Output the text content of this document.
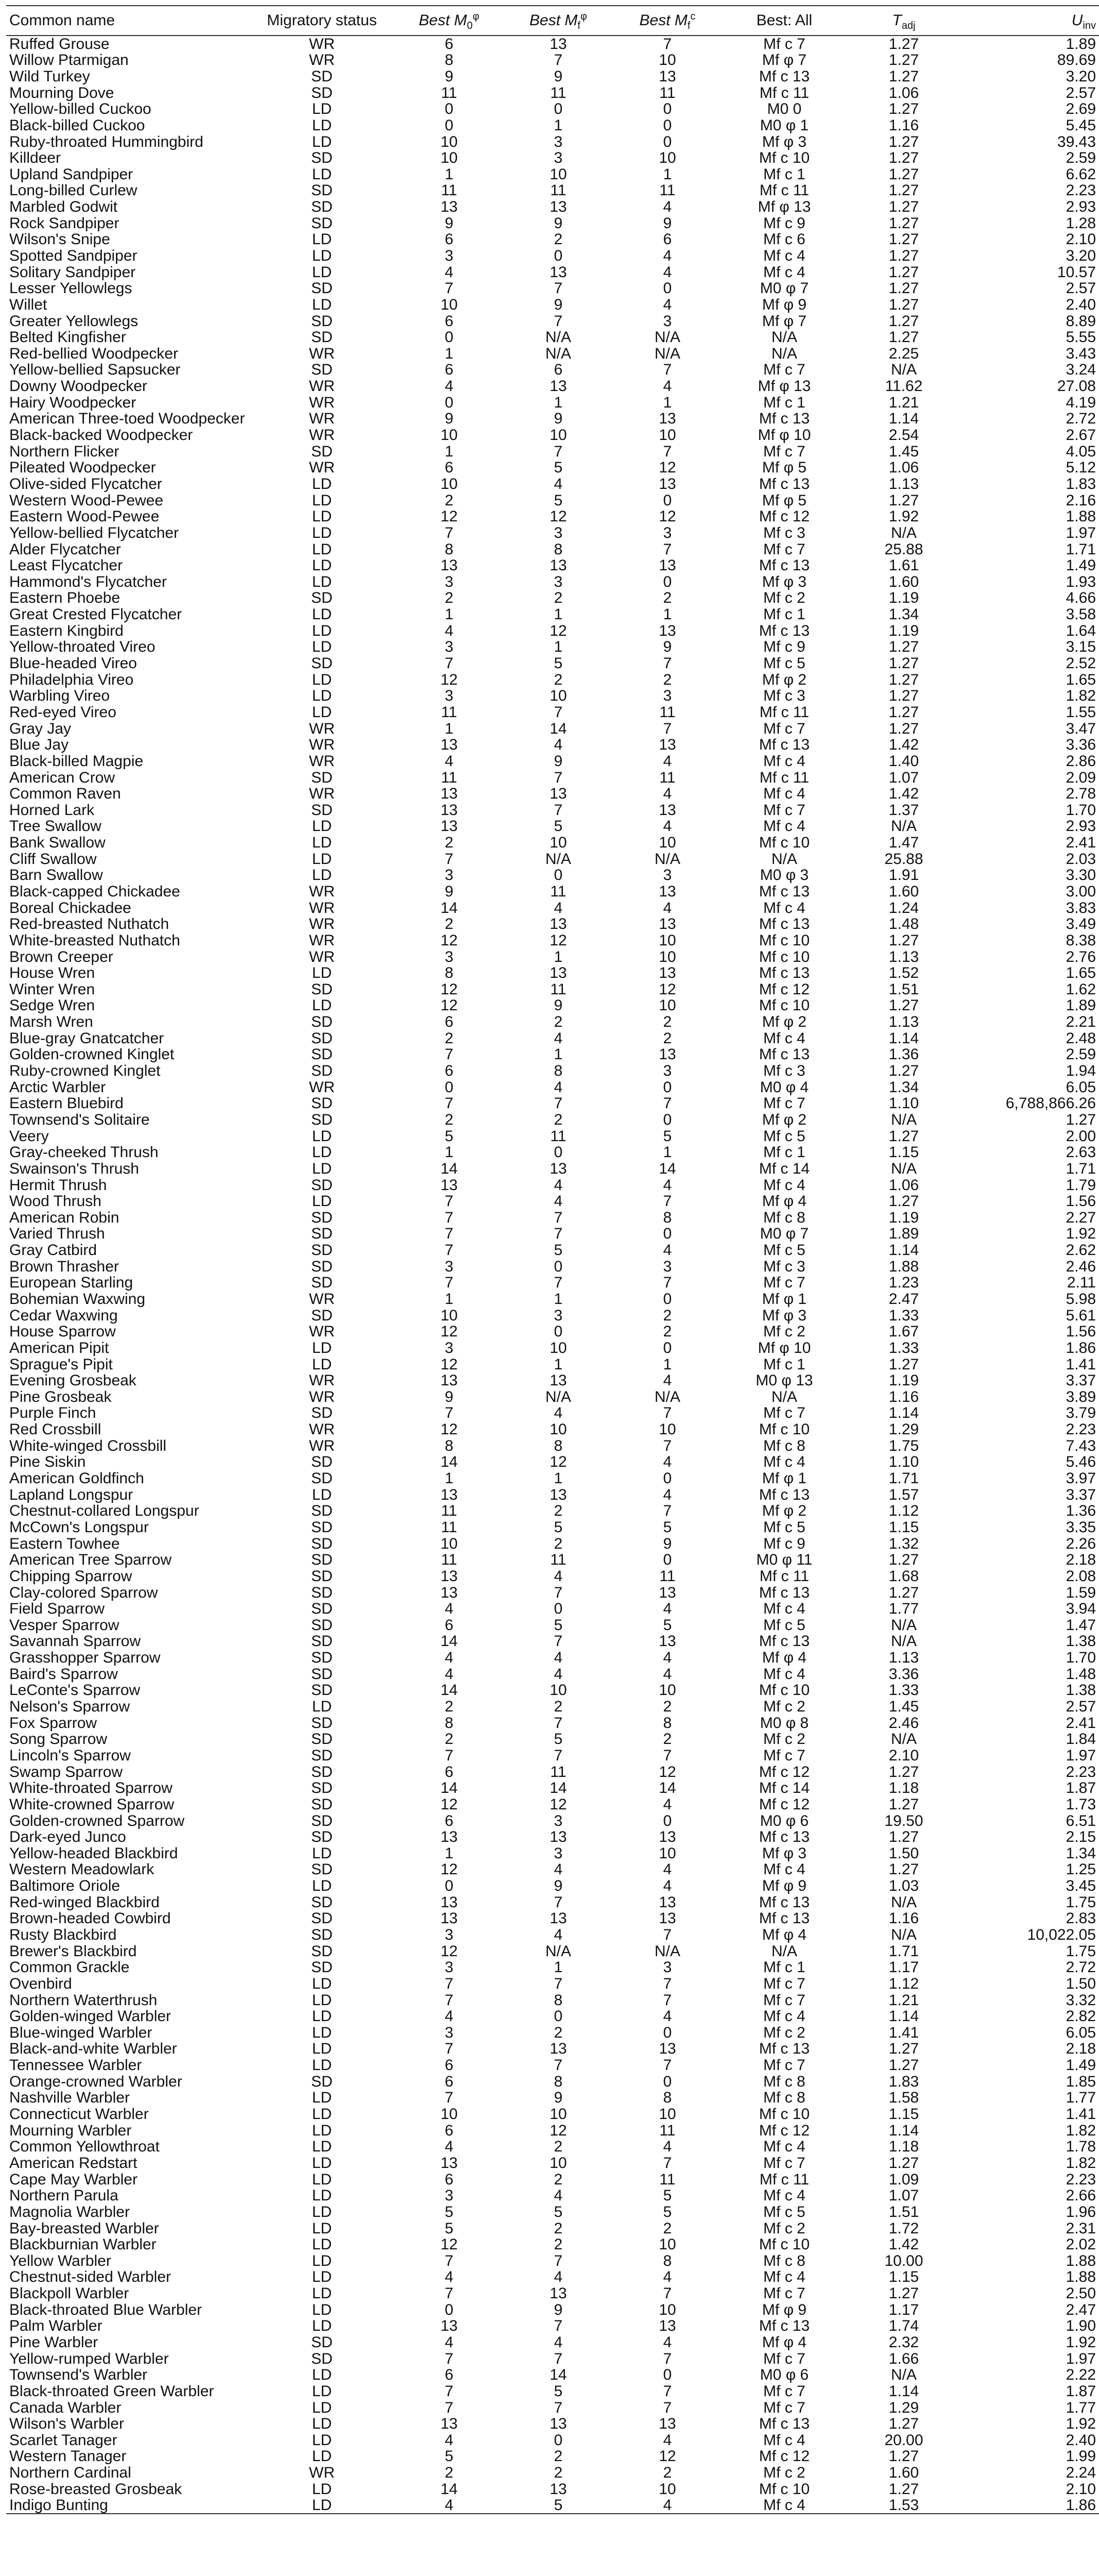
Common name	Migratory status	Best $M_0^\varphi$	Best $M_f^\varphi$	Best $M_f^c$	Best: All	$T_{adj}$	$U_{inv}$
Ruffed Grouse	WR	6	13	7	Mf c 7	1.27	1.89
Willow Ptarmigan	WR	8	7	10	Mf φ 7	1.27	89.69
Wild Turkey	SD	9	9	13	Mf c 13	1.27	3.20
Mourning Dove	SD	11	11	11	Mf c 11	1.06	2.57
Yellow-billed Cuckoo	LD	0	0	0	M0 0	1.27	2.69
Black-billed Cuckoo	LD	0	1	0	M0 φ 1	1.16	5.45
Ruby-throated Hummingbird	LD	10	3	0	Mf φ 3	1.27	39.43
Killdeer	SD	10	3	10	Mf c 10	1.27	2.59
Upland Sandpiper	LD	1	10	1	Mf c 1	1.27	6.62
Long-billed Curlew	SD	11	11	11	Mf c 11	1.27	2.23
Marbled Godwit	SD	13	13	4	Mf φ 13	1.27	2.93
Rock Sandpiper	SD	9	9	9	Mf c 9	1.27	1.28
Wilson's Snipe	LD	6	2	6	Mf c 6	1.27	2.10
Spotted Sandpiper	LD	3	0	4	Mf c 4	1.27	3.20
Solitary Sandpiper	LD	4	13	4	Mf c 4	1.27	10.57
Lesser Yellowlegs	SD	7	7	0	M0 φ 7	1.27	2.57
Willet	LD	10	9	4	Mf φ 9	1.27	2.40
Greater Yellowlegs	SD	6	7	3	Mf φ 7	1.27	8.89
Belted Kingfisher	SD	0	N/A	N/A	N/A	1.27	5.55
Red-bellied Woodpecker	WR	1	N/A	N/A	N/A	2.25	3.43
Yellow-bellied Sapsucker	SD	6	6	7	Mf c 7	N/A	3.24
Downy Woodpecker	WR	4	13	4	Mf φ 13	11.62	27.08
Hairy Woodpecker	WR	0	1	1	Mf c 1	1.21	4.19
American Three-toed Woodpecker	WR	9	9	13	Mf c 13	1.14	2.72
Black-backed Woodpecker	WR	10	10	10	Mf φ 10	2.54	2.67
Northern Flicker	SD	1	7	7	Mf c 7	1.45	4.05
Pileated Woodpecker	WR	6	5	12	Mf φ 5	1.06	5.12
Olive-sided Flycatcher	LD	10	4	13	Mf c 13	1.13	1.83
Western Wood-Pewee	LD	2	5	0	Mf φ 5	1.27	2.16
Eastern Wood-Pewee	LD	12	12	12	Mf c 12	1.92	1.88
Yellow-bellied Flycatcher	LD	7	3	3	Mf c 3	N/A	1.97
Alder Flycatcher	LD	8	8	7	Mf c 7	25.88	1.71
Least Flycatcher	LD	13	13	13	Mf c 13	1.61	1.49
Hammond's Flycatcher	LD	3	3	0	Mf φ 3	1.60	1.93
Eastern Phoebe	SD	2	2	2	Mf c 2	1.19	4.66
Great Crested Flycatcher	LD	1	1	1	Mf c 1	1.34	3.58
Eastern Kingbird	LD	4	12	13	Mf c 13	1.19	1.64
Yellow-throated Vireo	LD	3	1	9	Mf c 9	1.27	3.15
Blue-headed Vireo	SD	7	5	7	Mf c 5	1.27	2.52
Philadelphia Vireo	LD	12	2	2	Mf φ 2	1.27	1.65
Warbling Vireo	LD	3	10	3	Mf c 3	1.27	1.82
Red-eyed Vireo	LD	11	7	11	Mf c 11	1.27	1.55
Gray Jay	WR	1	14	7	Mf c 7	1.27	3.47
Blue Jay	WR	13	4	13	Mf c 13	1.42	3.36
Black-billed Magpie	WR	4	9	4	Mf c 4	1.40	2.86
American Crow	SD	11	7	11	Mf c 11	1.07	2.09
Common Raven	WR	13	13	4	Mf c 4	1.42	2.78
Horned Lark	SD	13	7	13	Mf c 7	1.37	1.70
Tree Swallow	LD	13	5	4	Mf c 4	N/A	2.93
Bank Swallow	LD	2	10	10	Mf c 10	1.47	2.41
Cliff Swallow	LD	7	N/A	N/A	N/A	25.88	2.03
Barn Swallow	LD	3	0	3	M0 φ 3	1.91	3.30
Black-capped Chickadee	WR	9	11	13	Mf c 13	1.60	3.00
Boreal Chickadee	WR	14	4	4	Mf c 4	1.24	3.83
Red-breasted Nuthatch	WR	2	13	13	Mf c 13	1.48	3.49
White-breasted Nuthatch	WR	12	12	10	Mf c 10	1.27	8.38
Brown Creeper	WR	3	1	10	Mf c 10	1.13	2.76
House Wren	LD	8	13	13	Mf c 13	1.52	1.65
Winter Wren	SD	12	11	12	Mf c 12	1.51	1.62
Sedge Wren	LD	12	9	10	Mf c 10	1.27	1.89
Marsh Wren	SD	6	2	2	Mf φ 2	1.13	2.21
Blue-gray Gnatcatcher	SD	2	4	2	Mf c 4	1.14	2.48
Golden-crowned Kinglet	SD	7	1	13	Mf c 13	1.36	2.59
Ruby-crowned Kinglet	SD	6	8	3	Mf c 3	1.27	1.94
Arctic Warbler	WR	0	4	0	M0 φ 4	1.34	6.05
Eastern Bluebird	SD	7	7	7	Mf c 7	1.10	6,788,866.26
Townsend's Solitaire	SD	2	2	0	Mf φ 2	N/A	1.27
Veery	LD	5	11	5	Mf c 5	1.27	2.00
Gray-cheeked Thrush	LD	1	0	1	Mf c 1	1.15	2.63
Swainson's Thrush	LD	14	13	14	Mf c 14	N/A	1.71
Hermit Thrush	SD	13	4	4	Mf c 4	1.06	1.79
Wood Thrush	LD	7	4	7	Mf φ 4	1.27	1.56
American Robin	SD	7	7	8	Mf c 8	1.19	2.27
Varied Thrush	SD	7	7	0	M0 φ 7	1.89	1.92
Gray Catbird	SD	7	5	4	Mf c 5	1.14	2.62
Brown Thrasher	SD	3	0	3	Mf c 3	1.88	2.46
European Starling	SD	7	7	7	Mf c 7	1.23	2.11
Bohemian Waxwing	WR	1	1	0	Mf φ 1	2.47	5.98
Cedar Waxwing	SD	10	3	2	Mf φ 3	1.33	5.61
House Sparrow	WR	12	0	2	Mf c 2	1.67	1.56
American Pipit	LD	3	10	0	Mf φ 10	1.33	1.86
Sprague's Pipit	LD	12	1	1	Mf c 1	1.27	1.41
Evening Grosbeak	WR	13	13	4	M0 φ 13	1.19	3.37
Pine Grosbeak	WR	9	N/A	N/A	N/A	1.16	3.89
Purple Finch	SD	7	4	7	Mf c 7	1.14	3.79
Red Crossbill	WR	12	10	10	Mf c 10	1.29	2.23
White-winged Crossbill	WR	8	8	7	Mf c 8	1.75	7.43
Pine Siskin	SD	14	12	4	Mf c 4	1.10	5.46
American Goldfinch	SD	1	1	0	Mf φ 1	1.71	3.97
Lapland Longspur	LD	13	13	4	Mf c 13	1.57	3.37
Chestnut-collared Longspur	SD	11	2	7	Mf φ 2	1.12	1.36
McCown's Longspur	SD	11	5	5	Mf c 5	1.15	3.35
Eastern Towhee	SD	10	2	9	Mf c 9	1.32	2.26
American Tree Sparrow	SD	11	11	0	M0 φ 11	1.27	2.18
Chipping Sparrow	SD	13	4	11	Mf c 11	1.68	2.08
Clay-colored Sparrow	SD	13	7	13	Mf c 13	1.27	1.59
Field Sparrow	SD	4	0	4	Mf c 4	1.77	3.94
Vesper Sparrow	SD	6	5	5	Mf c 5	N/A	1.47
Savannah Sparrow	SD	14	7	13	Mf c 13	N/A	1.38
Grasshopper Sparrow	SD	4	4	4	Mf φ 4	1.13	1.70
Baird's Sparrow	SD	4	4	4	Mf c 4	3.36	1.48
LeConte's Sparrow	SD	14	10	10	Mf c 10	1.33	1.38
Nelson's Sparrow	LD	2	2	2	Mf c 2	1.45	2.57
Fox Sparrow	SD	8	7	8	M0 φ 8	2.46	2.41
Song Sparrow	SD	2	5	2	Mf c 2	N/A	1.84
Lincoln's Sparrow	SD	7	7	7	Mf c 7	2.10	1.97
Swamp Sparrow	SD	6	11	12	Mf c 12	1.27	2.23
White-throated Sparrow	SD	14	14	14	Mf c 14	1.18	1.87
White-crowned Sparrow	SD	12	12	4	Mf c 12	1.27	1.73
Golden-crowned Sparrow	SD	6	3	0	M0 φ 6	19.50	6.51
Dark-eyed Junco	SD	13	13	13	Mf c 13	1.27	2.15
Yellow-headed Blackbird	LD	1	3	10	Mf φ 3	1.50	1.34
Western Meadowlark	SD	12	4	4	Mf c 4	1.27	1.25
Baltimore Oriole	LD	0	9	4	Mf φ 9	1.03	3.45
Red-winged Blackbird	SD	13	7	13	Mf c 13	N/A	1.75
Brown-headed Cowbird	SD	13	13	13	Mf c 13	1.16	2.83
Rusty Blackbird	SD	3	4	7	Mf φ 4	N/A	10,022.05
Brewer's Blackbird	SD	12	N/A	N/A	N/A	1.71	1.75
Common Grackle	SD	3	1	3	Mf c 1	1.17	2.72
Ovenbird	LD	7	7	7	Mf c 7	1.12	1.50
Northern Waterthrush	LD	7	8	7	Mf c 7	1.21	3.32
Golden-winged Warbler	LD	4	0	4	Mf c 4	1.14	2.82
Blue-winged Warbler	LD	3	2	0	Mf c 2	1.41	6.05
Black-and-white Warbler	LD	7	13	13	Mf c 13	1.27	2.18
Tennessee Warbler	LD	6	7	7	Mf c 7	1.27	1.49
Orange-crowned Warbler	SD	6	8	0	Mf c 8	1.83	1.85
Nashville Warbler	LD	7	9	8	Mf c 8	1.58	1.77
Connecticut Warbler	LD	10	10	10	Mf c 10	1.15	1.41
Mourning Warbler	LD	6	12	11	Mf c 12	1.14	1.82
Common Yellowthroat	LD	4	2	4	Mf c 4	1.18	1.78
American Redstart	LD	13	10	7	Mf c 7	1.27	1.82
Cape May Warbler	LD	6	2	11	Mf c 11	1.09	2.23
Northern Parula	LD	3	4	5	Mf c 4	1.07	2.66
Magnolia Warbler	LD	5	5	5	Mf c 5	1.51	1.96
Bay-breasted Warbler	LD	5	2	2	Mf c 2	1.72	2.31
Blackburnian Warbler	LD	12	2	10	Mf c 10	1.42	2.02
Yellow Warbler	LD	7	7	8	Mf c 8	10.00	1.88
Chestnut-sided Warbler	LD	4	4	4	Mf c 4	1.15	1.88
Blackpoll Warbler	LD	7	13	7	Mf c 7	1.27	2.50
Black-throated Blue Warbler	LD	0	9	10	Mf φ 9	1.17	2.47
Palm Warbler	LD	13	7	13	Mf c 13	1.74	1.90
Pine Warbler	SD	4	4	4	Mf φ 4	2.32	1.92
Yellow-rumped Warbler	SD	7	7	7	Mf c 7	1.66	1.97
Townsend's Warbler	LD	6	14	0	M0 φ 6	N/A	2.22
Black-throated Green Warbler	LD	7	5	7	Mf c 7	1.14	1.87
Canada Warbler	LD	7	7	7	Mf c 7	1.29	1.77
Wilson's Warbler	LD	13	13	13	Mf c 13	1.27	1.92
Scarlet Tanager	LD	4	0	4	Mf c 4	20.00	2.40
Western Tanager	LD	5	2	12	Mf c 12	1.27	1.99
Northern Cardinal	WR	2	2	2	Mf c 2	1.60	2.24
Rose-breasted Grosbeak	LD	14	13	10	Mf c 10	1.27	2.10
Indigo Bunting	LD	4	5	4	Mf c 4	1.53	1.86
